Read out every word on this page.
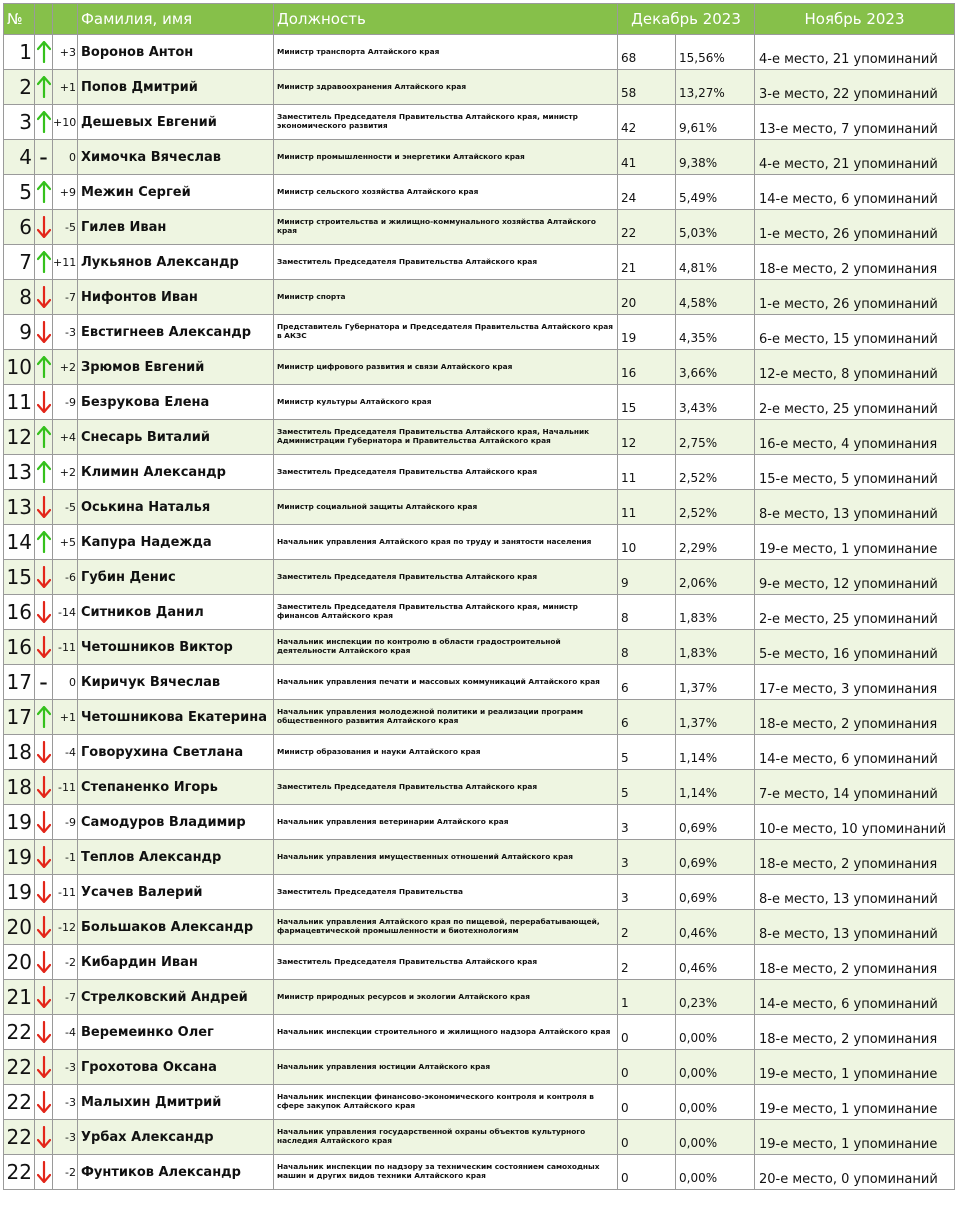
№			Фамилия, имя	Должность	Декабрь 2023		Ноябрь 2023
1		+3	Воронов Антон	Министр транспорта Алтайского края	68	15,56%	4-е место, 21 упоминаний
2		+1	Попов Дмитрий	Министр здравоохранения Алтайского края	58	13,27%	3-е место, 22 упоминаний
3		+10	Дешевых Евгений	Заместитель Председателя Правительства Алтайского края, министр экономического развития	42	9,61%	13-е место, 7 упоминаний
4	–	0	Химочка Вячеслав	Министр промышленности и энергетики Алтайского края	41	9,38%	4-е место, 21 упоминаний
5		+9	Межин Сергей	Министр сельского хозяйства Алтайского края	24	5,49%	14-е место, 6 упоминаний
6		-5	Гилев Иван	Министр строительства и жилищно-коммунального хозяйства Алтайского края	22	5,03%	1-е место, 26 упоминаний
7		+11	Лукьянов Александр	Заместитель Председателя Правительства Алтайского края	21	4,81%	18-е место, 2 упоминания
8		-7	Нифонтов Иван	Министр спорта	20	4,58%	1-е место, 26 упоминаний
9		-3	Евстигнеев Александр	Представитель Губернатора и Председателя Правительства Алтайского края в АКЗС	19	4,35%	6-е место, 15 упоминаний
10		+2	Зрюмов Евгений	Министр цифрового развития и связи Алтайского края	16	3,66%	12-е место, 8 упоминаний
11		-9	Безрукова Елена	Министр культуры Алтайского края	15	3,43%	2-е место, 25 упоминаний
12		+4	Снесарь Виталий	Заместитель Председателя Правительства Алтайского края, Начальник Администрации Губернатора и Правительства Алтайского края	12	2,75%	16-е место, 4 упоминания
13		+2	Климин Александр	Заместитель Председателя Правительства Алтайского края	11	2,52%	15-е место, 5 упоминаний
13		-5	Оськина Наталья	Министр социальной защиты Алтайского края	11	2,52%	8-е место, 13 упоминаний
14		+5	Капура Надежда	Начальник управления Алтайского края по труду и занятости населения	10	2,29%	19-е место, 1 упоминание
15		-6	Губин Денис	Заместитель Председателя Правительства Алтайского края	9	2,06%	9-е место, 12 упоминаний
16		-14	Ситников Данил	Заместитель Председателя Правительства Алтайского края, министр финансов Алтайского края	8	1,83%	2-е место, 25 упоминаний
16		-11	Четошников Виктор	Начальник инспекции по контролю в области градостроительной деятельности Алтайского края	8	1,83%	5-е место, 16 упоминаний
17	–	0	Киричук Вячеслав	Начальник управления печати и массовых коммуникаций Алтайского края	6	1,37%	17-е место, 3 упоминания
17		+1	Четошникова Екатерина	Начальник управления молодежной политики и реализации программ общественного развития Алтайского края	6	1,37%	18-е место, 2 упоминания
18		-4	Говорухина Светлана	Министр образования и науки Алтайского края	5	1,14%	14-е место, 6 упоминаний
18		-11	Степаненко Игорь	Заместитель Председателя Правительства Алтайского края	5	1,14%	7-е место, 14 упоминаний
19		-9	Самодуров Владимир	Начальник управления ветеринарии Алтайского края	3	0,69%	10-е место, 10 упоминаний
19		-1	Теплов Александр	Начальник управления имущественных отношений Алтайского края	3	0,69%	18-е место, 2 упоминания
19		-11	Усачев Валерий	Заместитель Председателя Правительства	3	0,69%	8-е место, 13 упоминаний
20		-12	Большаков Александр	Начальник управления Алтайского края по пищевой, перерабатывающей, фармацевтической промышленности и биотехнологиям	2	0,46%	8-е место, 13 упоминаний
20		-2	Кибардин Иван	Заместитель Председателя Правительства Алтайского края	2	0,46%	18-е место, 2 упоминания
21		-7	Стрелковский Андрей	Министр природных ресурсов и экологии Алтайского края	1	0,23%	14-е место, 6 упоминаний
22		-4	Веремеинко Олег	Начальник инспекции строительного и жилищного надзора Алтайского края	0	0,00%	18-е место, 2 упоминания
22		-3	Грохотова Оксана	Начальник управления юстиции Алтайского края	0	0,00%	19-е место, 1 упоминание
22		-3	Малыхин Дмитрий	Начальник инспекции финансово-экономического контроля и контроля в сфере закупок Алтайского края	0	0,00%	19-е место, 1 упоминание
22		-3	Урбах Александр	Начальник управления государственной охраны объектов культурного наследия Алтайского края	0	0,00%	19-е место, 1 упоминание
22		-2	Фунтиков Александр	Начальник инспекции по надзору за техническим состоянием самоходных машин и других видов техники Алтайского края	0	0,00%	20-е место, 0 упоминаний
